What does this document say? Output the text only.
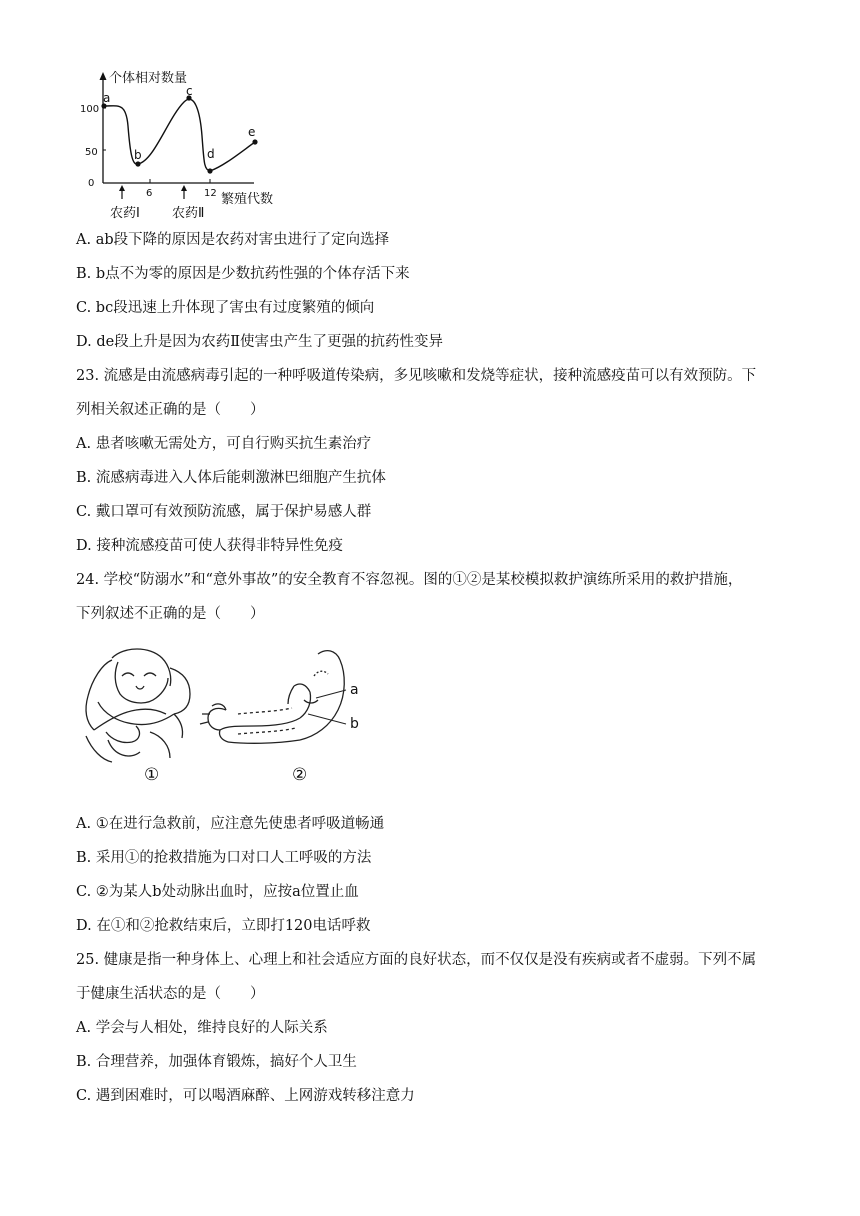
个体相对数量
繁殖代数
100
50
0
6	12
a
b
c
d
e
农药Ⅰ 农药Ⅱ
A. ab段下降的原因是农药对害虫进行了定向选择
B. b点不为零的原因是少数抗药性强的个体存活下来
C. bc段迅速上升体现了害虫有过度繁殖的倾向
D. de段上升是因为农药Ⅱ使害虫产生了更强的抗药性变异
23. 流感是由流感病毒引起的一种呼吸道传染病，多见咳嗽和发烧等症状，接种流感疫苗可以有效预防。下
列相关叙述正确的是（　　）
A. 患者咳嗽无需处方，可自行购买抗生素治疗
B. 流感病毒进入人体后能刺激淋巴细胞产生抗体
C. 戴口罩可有效预防流感，属于保护易感人群
D. 接种流感疫苗可使人获得非特异性免疫
24. 学校“防溺水”和“意外事故”的安全教育不容忽视。图的①②是某校模拟救护演练所采用的救护措施，
下列叙述不正确的是（　　）
a
b
①	②
A. ①在进行急救前，应注意先使患者呼吸道畅通
B. 采用①的抢救措施为口对口人工呼吸的方法
C. ②为某人b处动脉出血时，应按a位置止血
D. 在①和②抢救结束后，立即打120电话呼救
25. 健康是指一种身体上、心理上和社会适应方面的良好状态，而不仅仅是没有疾病或者不虚弱。下列不属
于健康生活状态的是（　　）
A. 学会与人相处，维持良好的人际关系
B. 合理营养，加强体育锻炼，搞好个人卫生
C. 遇到困难时，可以喝酒麻醉、上网游戏转移注意力
